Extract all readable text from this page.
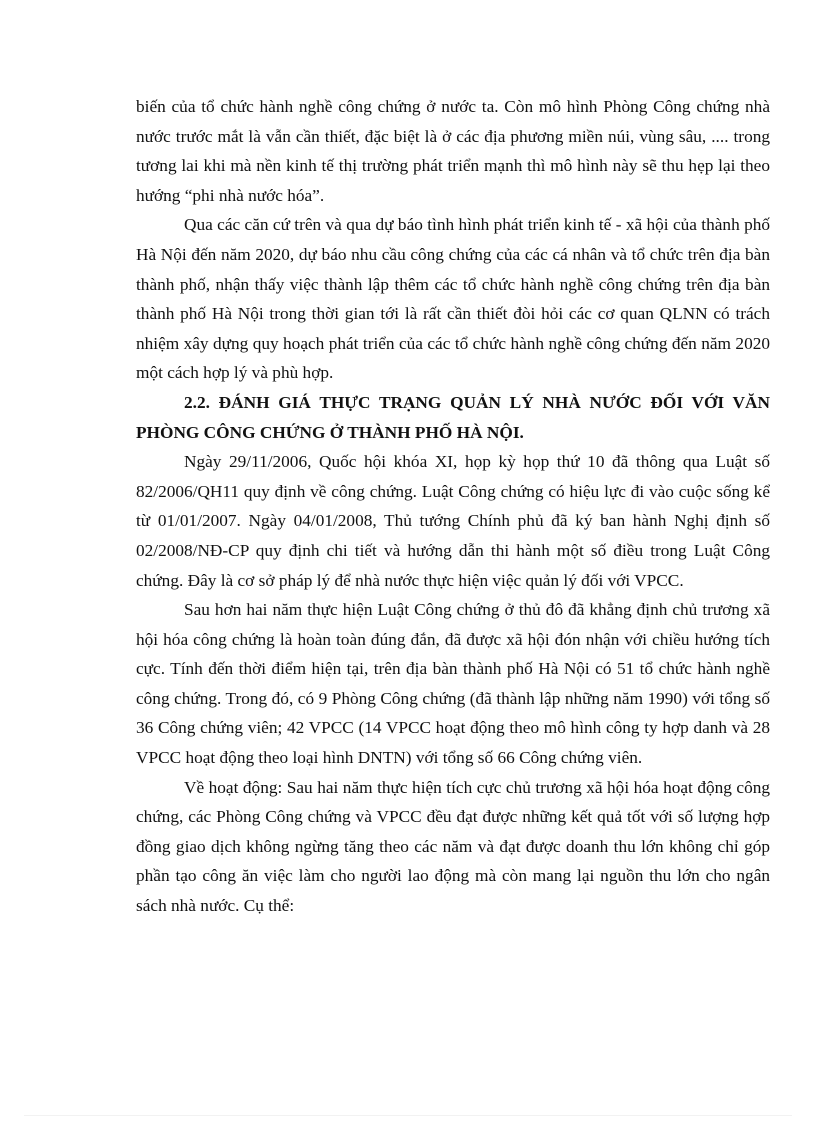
biến của tổ chức hành nghề công chứng ở nước ta. Còn mô hình Phòng Công chứng nhà nước trước mắt là vẫn cần thiết, đặc biệt là ở các địa phương miền núi, vùng sâu, .... trong tương lai khi mà nền kinh tế thị trường phát triển mạnh thì mô hình này sẽ thu hẹp lại theo hướng “phi nhà nước hóa”.

Qua các căn cứ trên và qua dự báo tình hình phát triển kinh tế - xã hội của thành phố Hà Nội đến năm 2020, dự báo nhu cầu công chứng của các cá nhân và tổ chức trên địa bàn thành phố, nhận thấy việc thành lập thêm các tổ chức hành nghề công chứng trên địa bàn thành phố Hà Nội trong thời gian tới là rất cần thiết đòi hỏi các cơ quan QLNN có trách nhiệm xây dựng quy hoạch phát triển của các tổ chức hành nghề công chứng đến năm 2020 một cách hợp lý và phù hợp.

2.2. ĐÁNH GIÁ THỰC TRẠNG QUẢN LÝ NHÀ NƯỚC ĐỐI VỚI VĂN PHÒNG CÔNG CHỨNG Ở THÀNH PHỐ HÀ NỘI.

Ngày 29/11/2006, Quốc hội khóa XI, họp kỳ họp thứ 10 đã thông qua Luật số 82/2006/QH11 quy định về công chứng. Luật Công chứng có hiệu lực đi vào cuộc sống kể từ 01/01/2007. Ngày 04/01/2008, Thủ tướng Chính phủ đã ký ban hành Nghị định số 02/2008/NĐ-CP quy định chi tiết và hướng dẫn thi hành một số điều trong Luật Công chứng. Đây là cơ sở pháp lý để nhà nước thực hiện việc quản lý đối với VPCC.

Sau hơn hai năm thực hiện Luật Công chứng ở thủ đô đã khẳng định chủ trương xã hội hóa công chứng là hoàn toàn đúng đắn, đã được xã hội đón nhận với chiều hướng tích cực. Tính đến thời điểm hiện tại, trên địa bàn thành phố Hà Nội có 51 tổ chức hành nghề công chứng. Trong đó, có 9 Phòng Công chứng (đã thành lập những năm 1990) với tổng số 36 Công chứng viên; 42 VPCC (14 VPCC hoạt động theo mô hình công ty hợp danh và 28 VPCC hoạt động theo loại hình DNTN) với tổng số 66 Công chứng viên.

Về hoạt động: Sau hai năm thực hiện tích cực chủ trương xã hội hóa hoạt động công chứng, các Phòng Công chứng và VPCC đều đạt được những kết quả tốt với số lượng hợp đồng giao dịch không ngừng tăng theo các năm và đạt được doanh thu lớn không chỉ góp phần tạo công ăn việc làm cho người lao động mà còn mang lại nguồn thu lớn cho ngân sách nhà nước. Cụ thể:
